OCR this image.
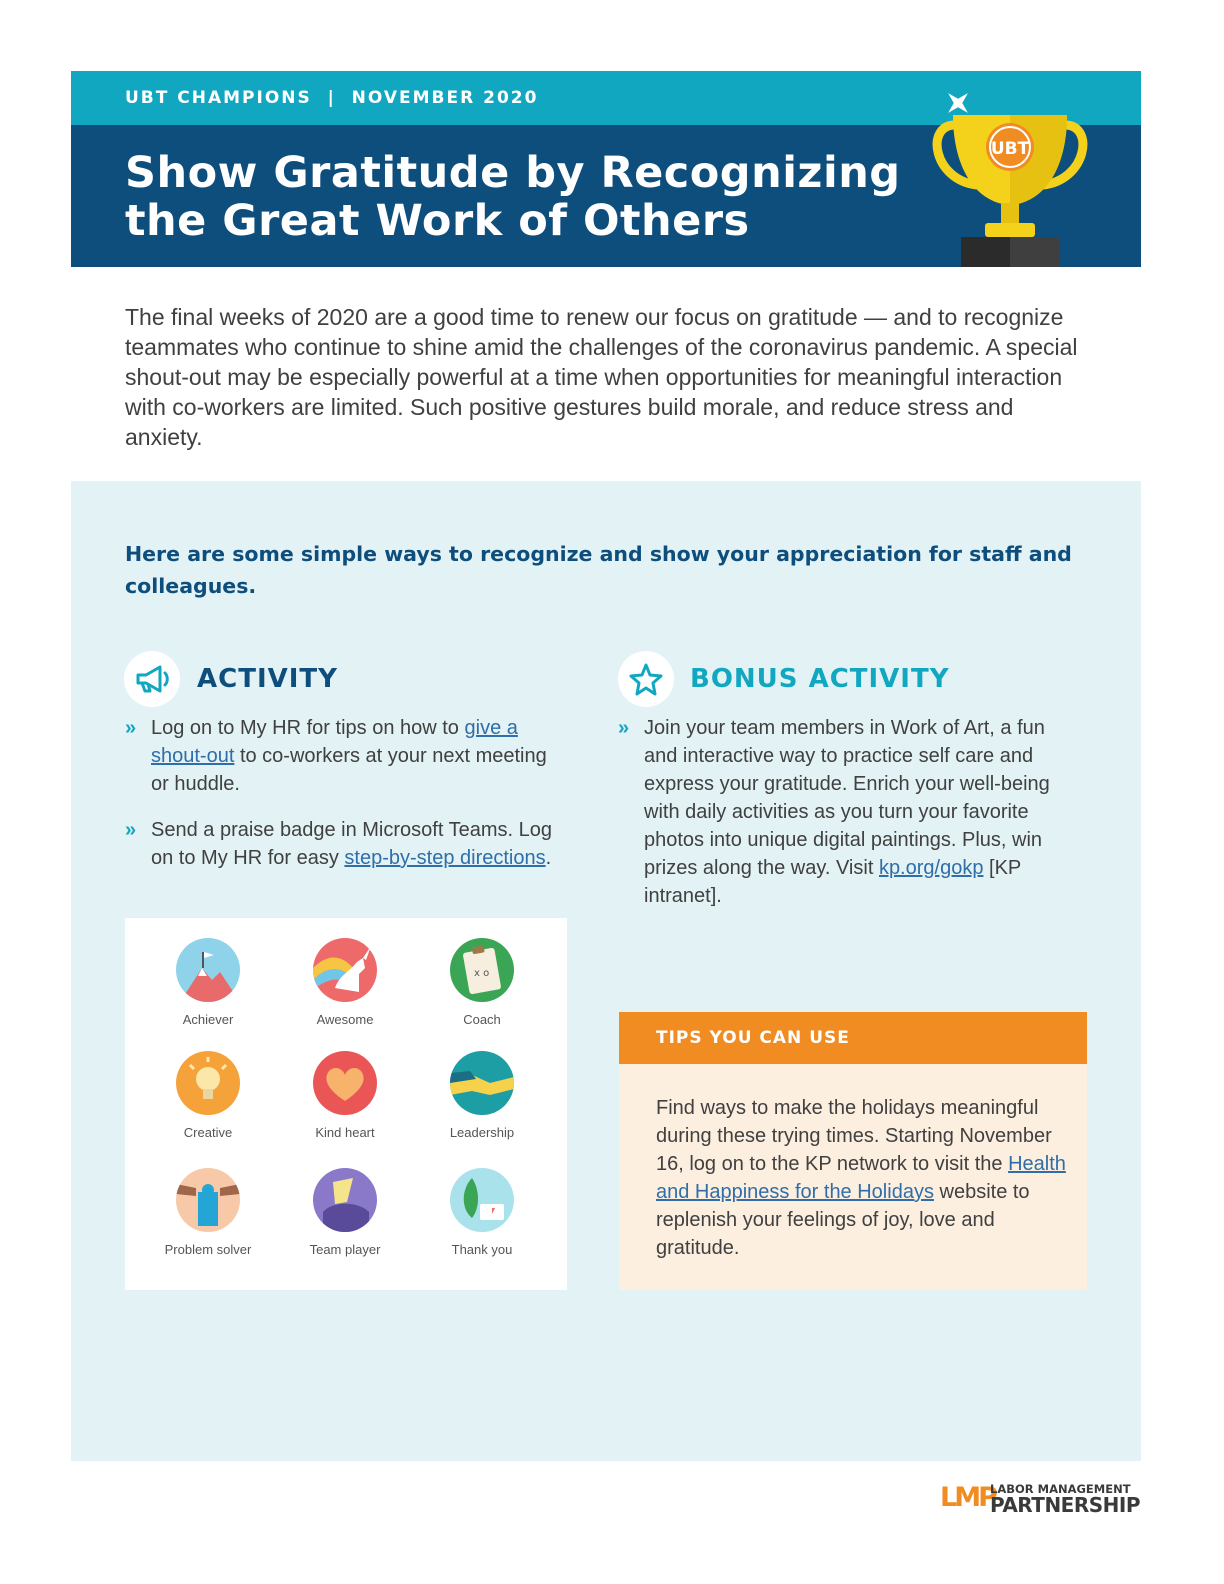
UBT CHAMPIONS  |  NOVEMBER 2020
Show Gratitude by Recognizing the Great Work of Others
UBT

The final weeks of 2020 are a good time to renew our focus on gratitude — and to recognize teammates who continue to shine amid the challenges of the coronavirus pandemic. A special shout-out may be especially powerful at a time when opportunities for meaningful interaction with co-workers are limited. Such positive gestures build morale, and reduce stress and anxiety.

Here are some simple ways to recognize and show your appreciation for staff and colleagues.

ACTIVITY
» Log on to My HR for tips on how to give a shout-out to co-workers at your next meeting or huddle.
» Send a praise badge in Microsoft Teams. Log on to My HR for easy step-by-step directions.
BONUS ACTIVITY
» Join your team members in Work of Art, a fun and interactive way to practice self care and express your gratitude. Enrich your well-being with daily activities as you turn your favorite photos into unique digital paintings. Plus, win prizes along the way. Visit kp.org/gokp [KP intranet].
Achiever	Awesome
x o
Coach
Creative	Kind heart	Leadership
Problem solver	Team player	Thank you
TIPS YOU CAN USE

Find ways to make the holidays meaningful during these trying times. Starting November 16, log on to the KP network to visit the Health and Happiness for the Holidays website to replenish your feelings of joy, love and gratitude.

LMP
LABOR MANAGEMENT
PARTNERSHIP
